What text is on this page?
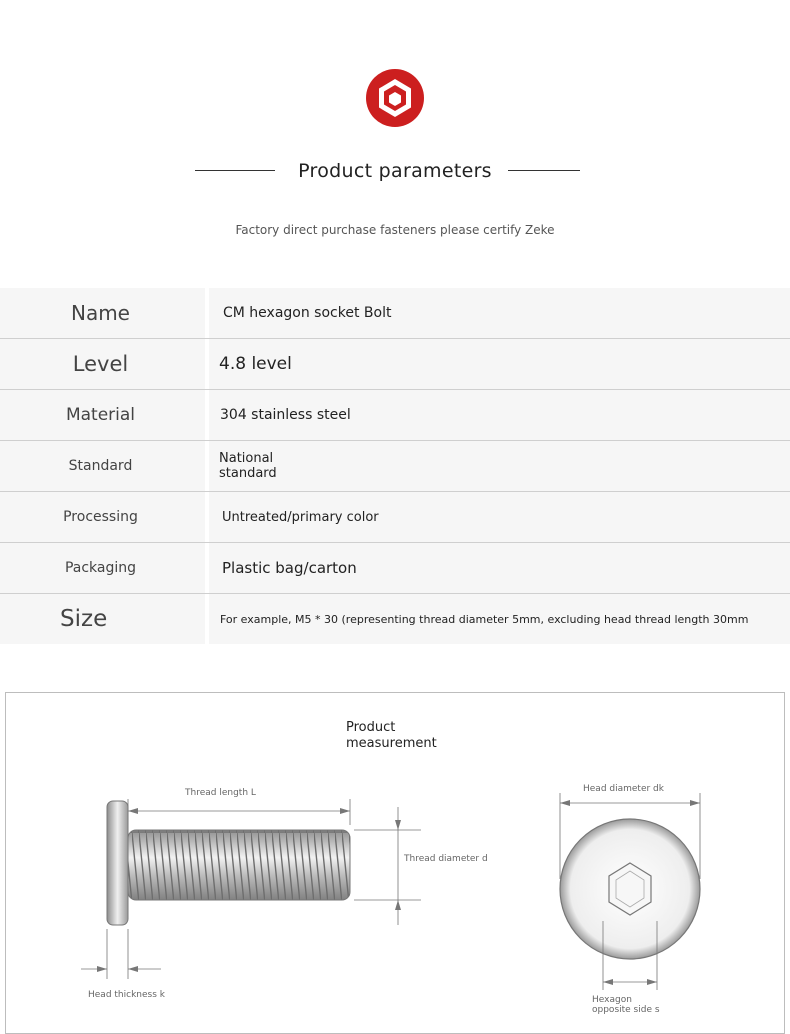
Product parameters
Factory direct purchase fasteners please certify Zeke
Name	CM hexagon socket Bolt
Level	4.8 level
Material	304 stainless steel
Standard	National
standard
Processing	Untreated/primary color
Packaging	Plastic bag/carton
Size	For example, M5 * 30 (representing thread diameter 5mm, excluding head thread length 30mm
Product measurement
Thread length L
Thread diameter d
Head thickness k
Head diameter dk
Hexagon opposite side s
